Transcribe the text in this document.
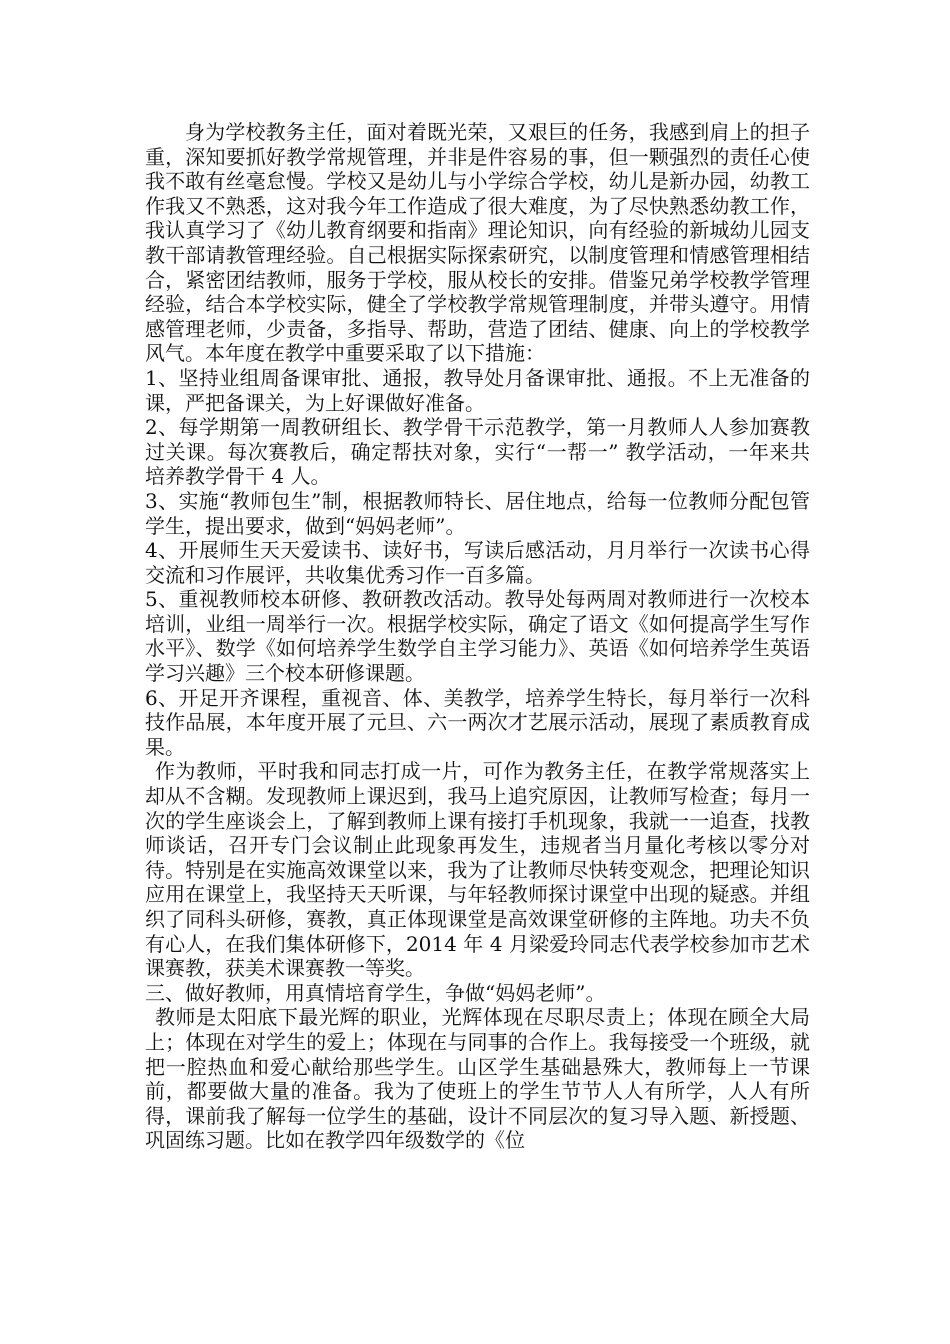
身为学校教务主任，面对着既光荣，又艰巨的任务，我感到肩上的担子重，深知要抓好教学常规管理，并非是件容易的事，但一颗强烈的责任心使我不敢有丝毫怠慢。学校又是幼儿与小学综合学校，幼儿是新办园，幼教工作我又不熟悉，这对我今年工作造成了很大难度，为了尽快熟悉幼教工作，我认真学习了《幼儿教育纲要和指南》理论知识，向有经验的新城幼儿园支教干部请教管理经验。自己根据实际探索研究，以制度管理和情感管理相结合，紧密团结教师，服务于学校，服从校长的安排。借鉴兄弟学校教学管理经验，结合本学校实际，健全了学校教学常规管理制度，并带头遵守。用情感管理老师，少责备，多指导、帮助，营造了团结、健康、向上的学校教学风气。本年度在教学中重要采取了以下措施：

1、坚持业组周备课审批、通报，教导处月备课审批、通报。不上无准备的课，严把备课关，为上好课做好准备。

2、每学期第一周教研组长、教学骨干示范教学，第一月教师人人参加赛教过关课。每次赛教后，确定帮扶对象，实行“一帮一” 教学活动，一年来共培养教学骨干 4 人。

3、实施“教师包生”制，根据教师特长、居住地点，给每一位教师分配包管学生，提出要求，做到“妈妈老师”。

4、开展师生天天爱读书、读好书，写读后感活动，月月举行一次读书心得交流和习作展评，共收集优秀习作一百多篇。

5、重视教师校本研修、教研教改活动。教导处每两周对教师进行一次校本培训，业组一周举行一次。根据学校实际，确定了语文《如何提高学生写作水平》、数学《如何培养学生数学自主学习能力》、英语《如何培养学生英语学习兴趣》三个校本研修课题。

6、开足开齐课程，重视音、体、美教学，培养学生特长，每月举行一次科技作品展，本年度开展了元旦、六一两次才艺展示活动，展现了素质教育成果。

作为教师，平时我和同志打成一片，可作为教务主任，在教学常规落实上却从不含糊。发现教师上课迟到，我马上追究原因，让教师写检查；每月一次的学生座谈会上，了解到教师上课有接打手机现象，我就一一追查，找教师谈话，召开专门会议制止此现象再发生，违规者当月量化考核以零分对待。特别是在实施高效课堂以来，我为了让教师尽快转变观念，把理论知识应用在课堂上，我坚持天天听课，与年轻教师探讨课堂中出现的疑惑。并组织了同科头研修，赛教，真正体现课堂是高效课堂研修的主阵地。功夫不负有心人，在我们集体研修下，2014 年 4 月梁爱玲同志代表学校参加市艺术课赛教，获美术课赛教一等奖。

三、做好教师，用真情培育学生，争做“妈妈老师”。

教师是太阳底下最光辉的职业，光辉体现在尽职尽责上；体现在顾全大局上；体现在对学生的爱上；体现在与同事的合作上。我每接受一个班级，就把一腔热血和爱心献给那些学生。山区学生基础悬殊大，教师每上一节课前，都要做大量的准备。我为了使班上的学生节节人人有所学，人人有所得，课前我了解每一位学生的基础，设计不同层次的复习导入题、新授题、巩固练习题。比如在教学四年级数学的《位
